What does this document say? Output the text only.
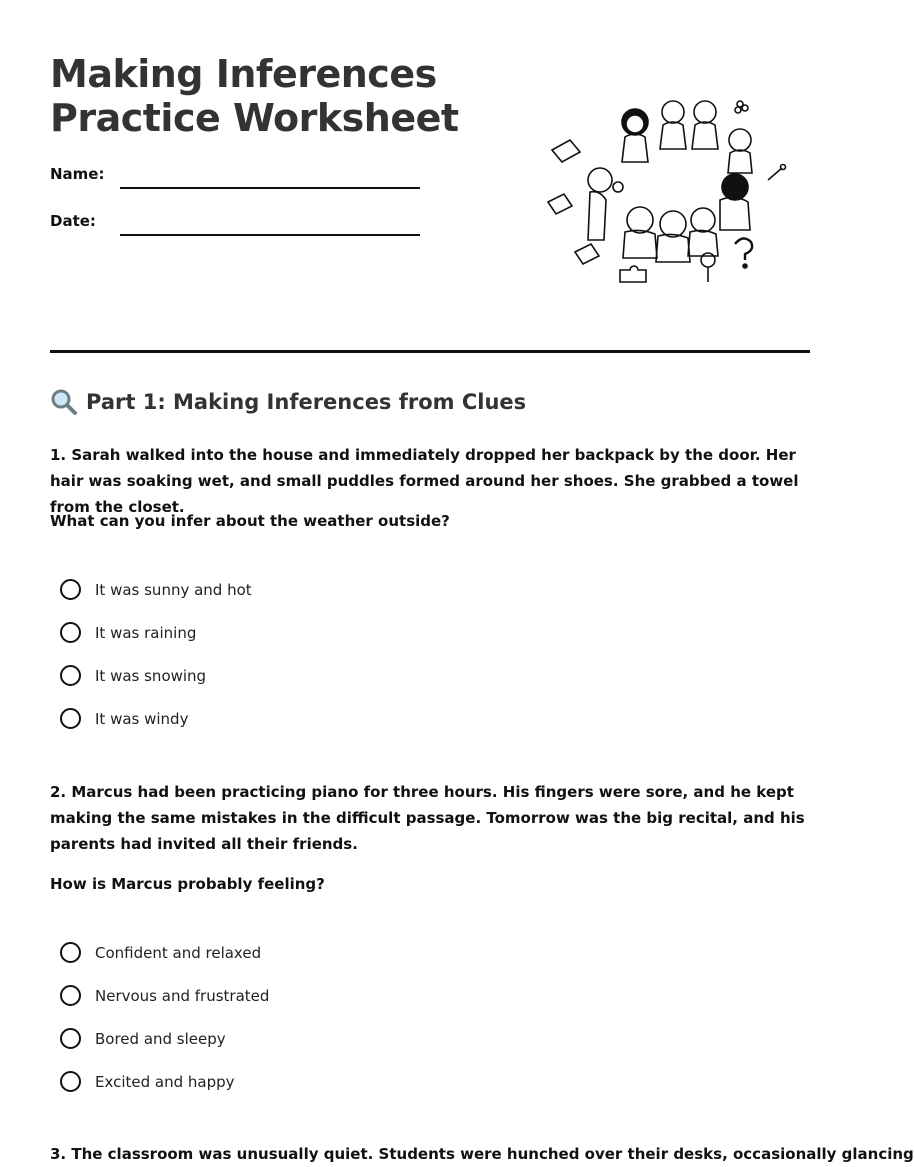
Making Inferences
Practice Worksheet
Name:
Date:
Part 1: Making Inferences from Clues
1. Sarah walked into the house and immediately dropped her backpack by the door. Her hair was soaking wet, and small puddles formed around her shoes. She grabbed a towel from the closet.
What can you infer about the weather outside?
It was sunny and hot
It was raining
It was snowing
It was windy
2. Marcus had been practicing piano for three hours. His fingers were sore, and he kept making the same mistakes in the difficult passage. Tomorrow was the big recital, and his parents had invited all their friends.
How is Marcus probably feeling?
Confident and relaxed
Nervous and frustrated
Bored and sleepy
Excited and happy
3. The classroom was unusually quiet. Students were hunched over their desks, occasionally glancing
